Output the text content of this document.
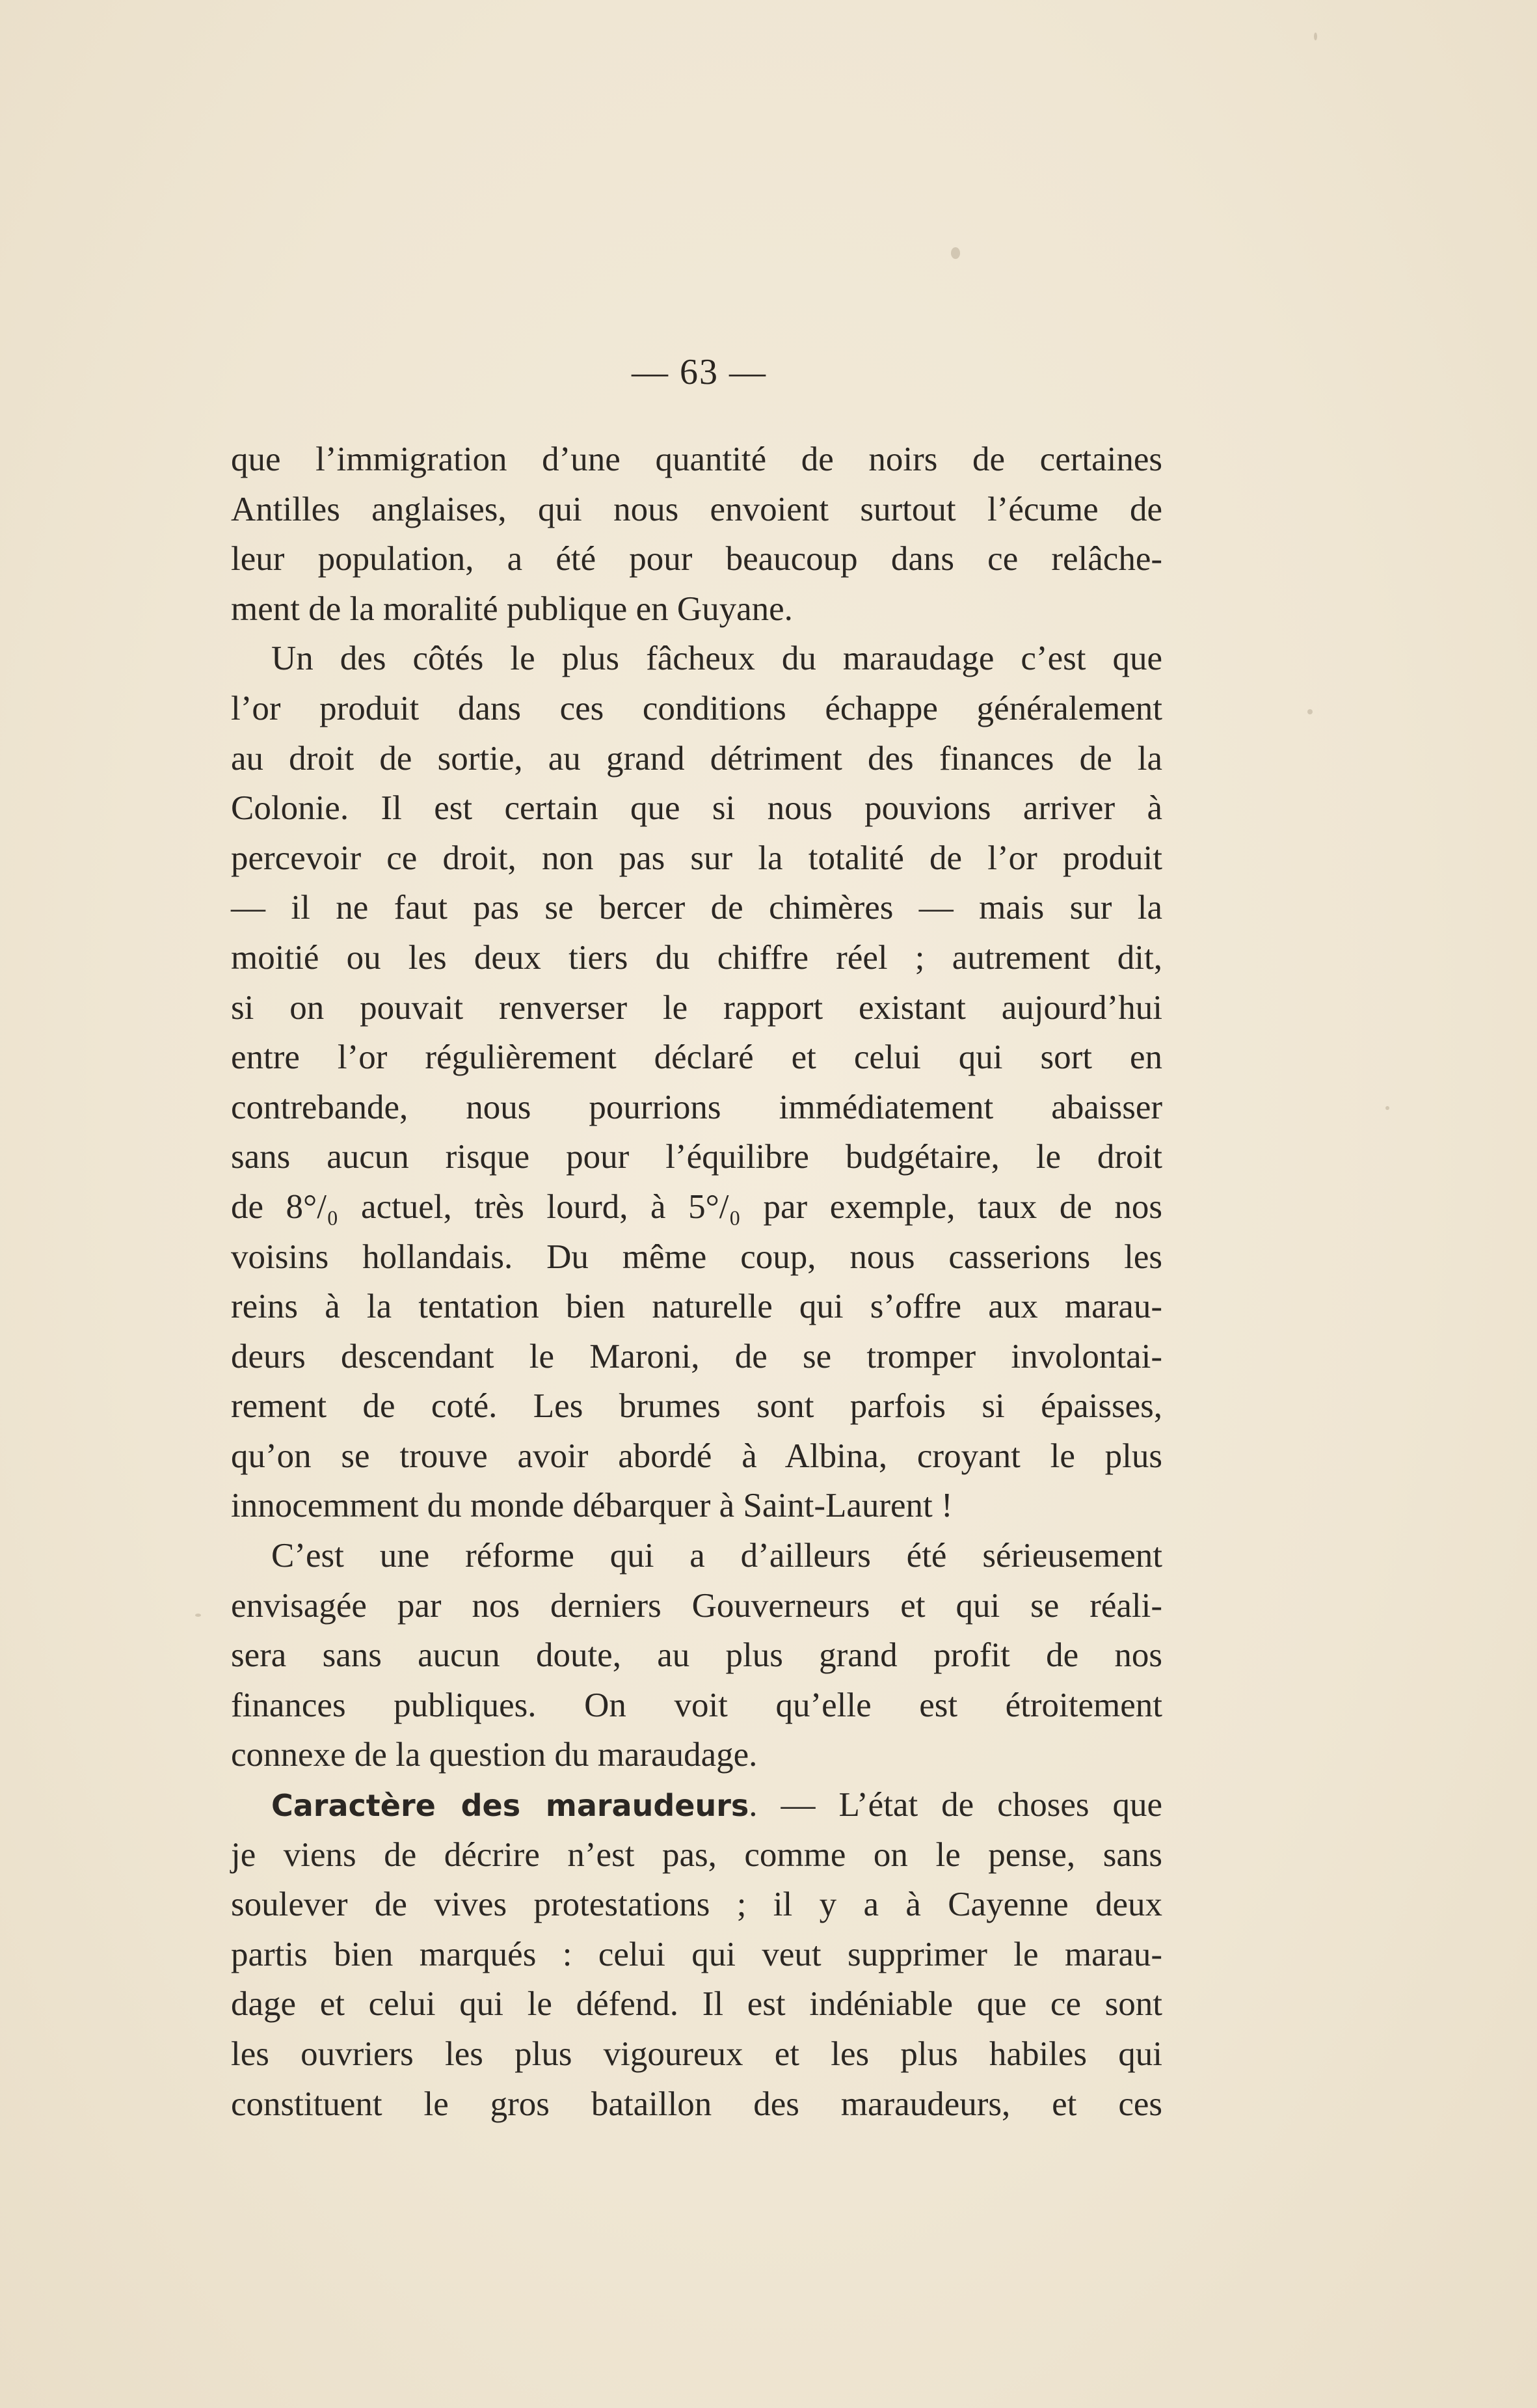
— 63 —
que l’immigration d’une quantité de noirs de certaines
Antilles anglaises, qui nous envoient surtout l’écume de
leur population, a été pour beaucoup dans ce relâche-
ment de la moralité publique en Guyane.
Un des côtés le plus fâcheux du maraudage c’est que
l’or produit dans ces conditions échappe généralement
au droit de sortie, au grand détriment des finances de la
Colonie. Il est certain que si nous pouvions arriver à
percevoir ce droit, non pas sur la totalité de l’or produit
— il ne faut pas se bercer de chimères — mais sur la
moitié ou les deux tiers du chiffre réel ; autrement dit,
si on pouvait renverser le rapport existant aujourd’hui
entre l’or régulièrement déclaré et celui qui sort en
contrebande, nous pourrions immédiatement abaisser
sans aucun risque pour l’équilibre budgétaire, le droit
de 8°/₀ actuel, très lourd, à 5°/₀ par exemple, taux de nos
voisins hollandais. Du même coup, nous casserions les
reins à la tentation bien naturelle qui s’offre aux marau-
deurs descendant le Maroni, de se tromper involontai-
rement de coté. Les brumes sont parfois si épaisses,
qu’on se trouve avoir abordé à Albina, croyant le plus
innocemment du monde débarquer à Saint-Laurent !
C’est une réforme qui a d’ailleurs été sérieusement
envisagée par nos derniers Gouverneurs et qui se réali-
sera sans aucun doute, au plus grand profit de nos
finances publiques. On voit qu’elle est étroitement
connexe de la question du maraudage.
Caractère des maraudeurs. — L’état de choses que
je viens de décrire n’est pas, comme on le pense, sans
soulever de vives protestations ; il y a à Cayenne deux
partis bien marqués : celui qui veut supprimer le marau-
dage et celui qui le défend. Il est indéniable que ce sont
les ouvriers les plus vigoureux et les plus habiles qui
constituent le gros bataillon des maraudeurs, et ces
